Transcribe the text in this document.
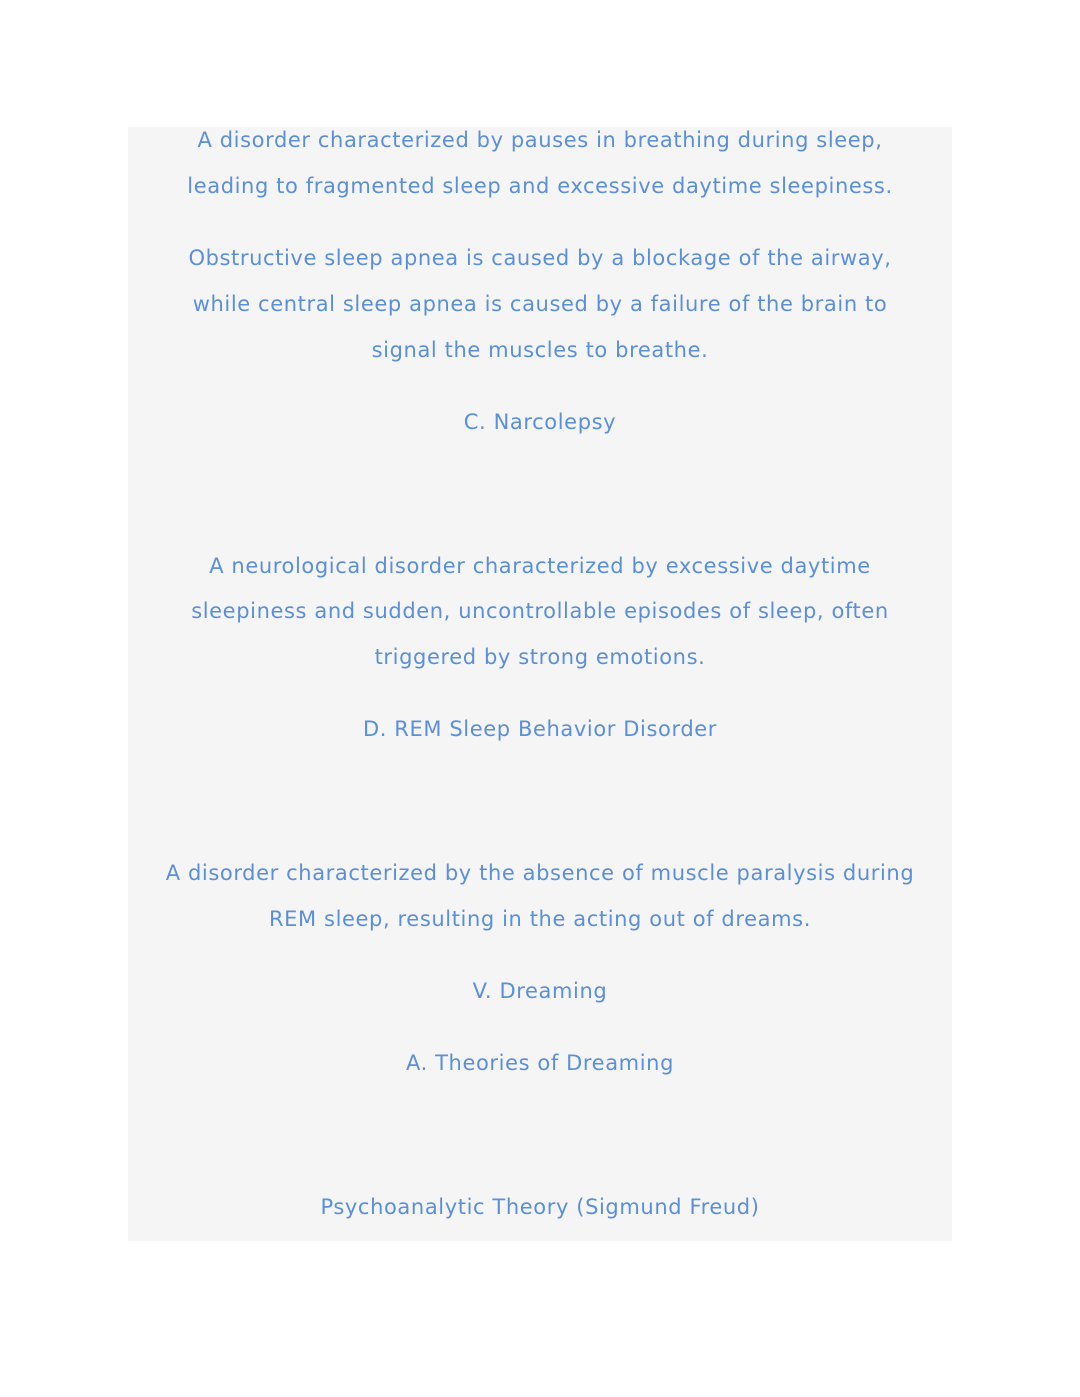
A disorder characterized by pauses in breathing during sleep,
leading to fragmented sleep and excessive daytime sleepiness.
Obstructive sleep apnea is caused by a blockage of the airway,
while central sleep apnea is caused by a failure of the brain to
signal the muscles to breathe.
C. Narcolepsy
A neurological disorder characterized by excessive daytime
sleepiness and sudden, uncontrollable episodes of sleep, often
triggered by strong emotions.
D. REM Sleep Behavior Disorder
A disorder characterized by the absence of muscle paralysis during
REM sleep, resulting in the acting out of dreams.
V. Dreaming
A. Theories of Dreaming
Psychoanalytic Theory (Sigmund Freud)
